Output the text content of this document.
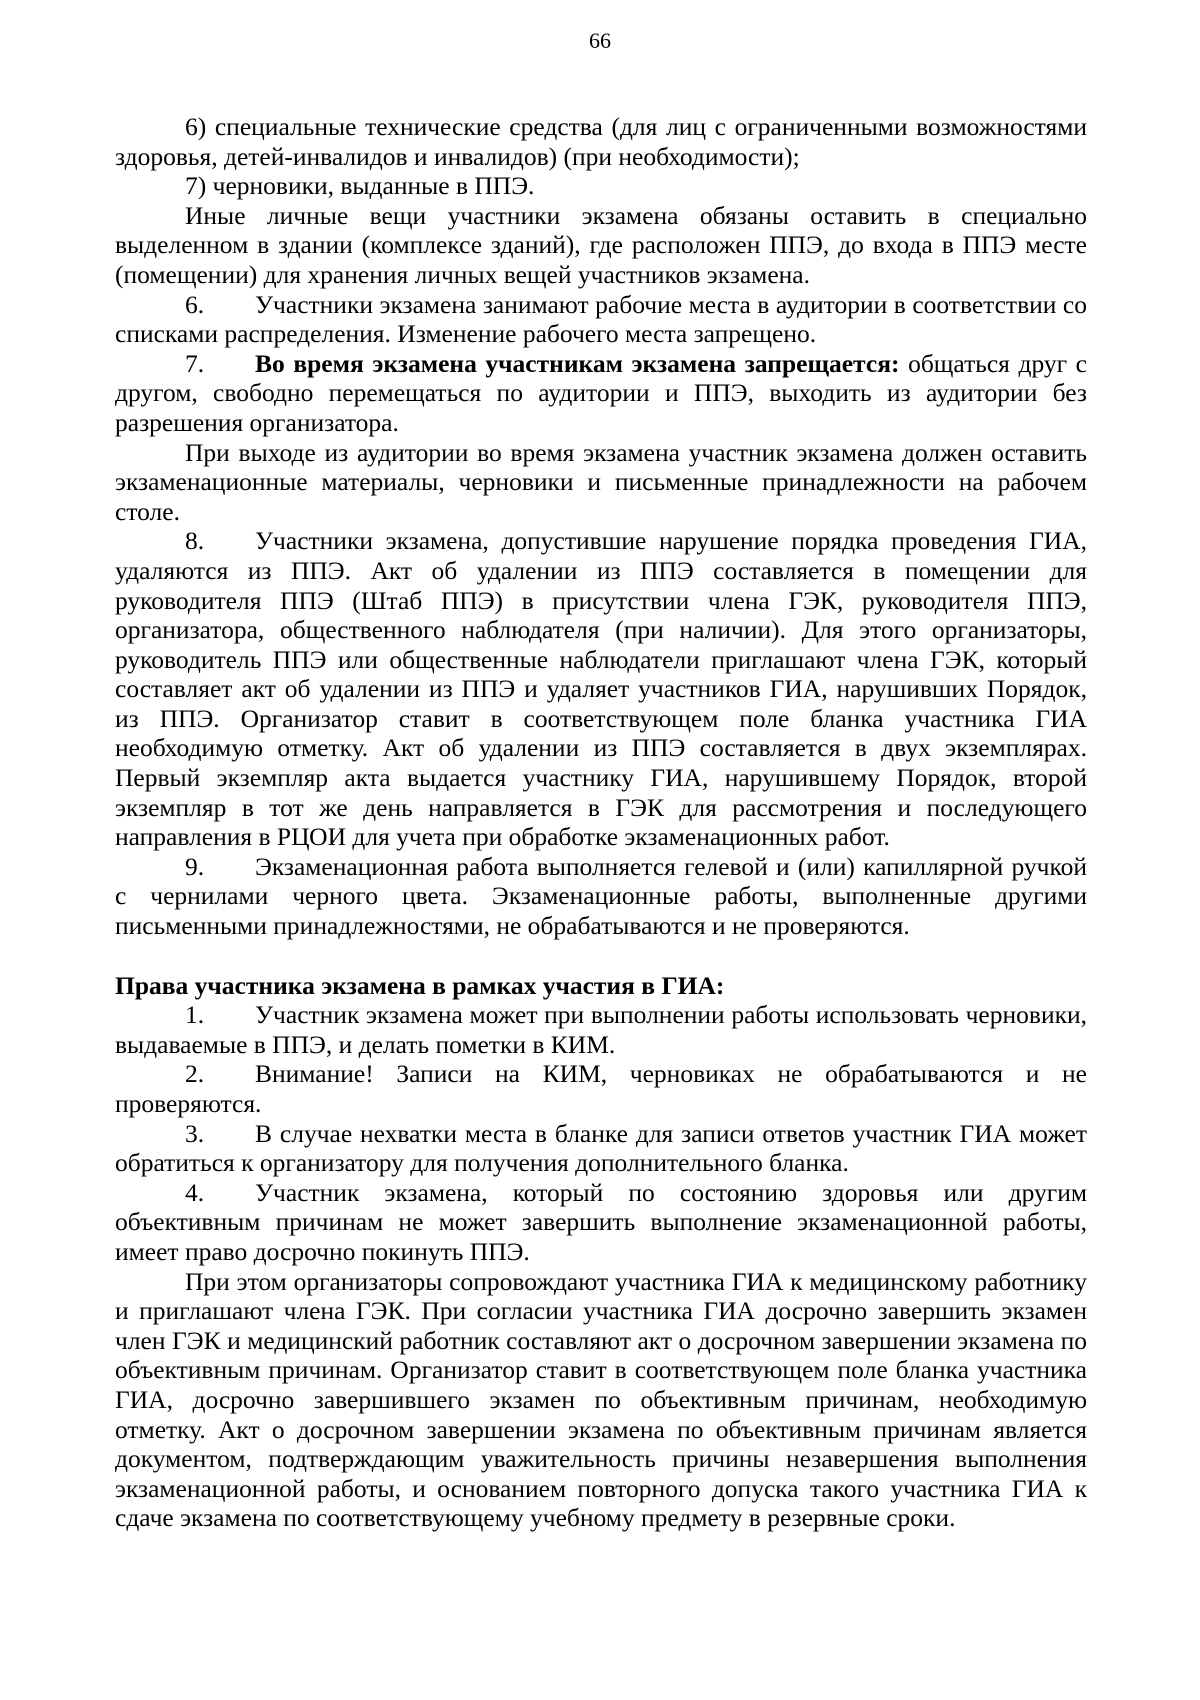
66

6) специальные технические средства (для лиц с ограниченными возможностями здоровья, детей-инвалидов и инвалидов) (при необходимости);

7) черновики, выданные в ППЭ.

Иные личные вещи участники экзамена обязаны оставить в специально выделенном в здании (комплексе зданий), где расположен ППЭ, до входа в ППЭ месте (помещении) для хранения личных вещей участников экзамена.

6. Участники экзамена занимают рабочие места в аудитории в соответствии со списками распределения. Изменение рабочего места запрещено.

7. Во время экзамена участникам экзамена запрещается: общаться друг с другом, свободно перемещаться по аудитории и ППЭ, выходить из аудитории без разрешения организатора.

При выходе из аудитории во время экзамена участник экзамена должен оставить экзаменационные материалы, черновики и письменные принадлежности на рабочем столе.

8. Участники экзамена, допустившие нарушение порядка проведения ГИА, удаляются из ППЭ. Акт об удалении из ППЭ составляется в помещении для руководителя ППЭ (Штаб ППЭ) в присутствии члена ГЭК, руководителя ППЭ, организатора, общественного наблюдателя (при наличии). Для этого организаторы, руководитель ППЭ или общественные наблюдатели приглашают члена ГЭК, который составляет акт об удалении из ППЭ и удаляет участников ГИА, нарушивших Порядок, из ППЭ. Организатор ставит в соответствующем поле бланка участника ГИА необходимую отметку. Акт об удалении из ППЭ составляется в двух экземплярах. Первый экземпляр акта выдается участнику ГИА, нарушившему Порядок, второй экземпляр в тот же день направляется в ГЭК для рассмотрения и последующего направления в РЦОИ для учета при обработке экзаменационных работ.

9. Экзаменационная работа выполняется гелевой и (или) капиллярной ручкой с чернилами черного цвета. Экзаменационные работы, выполненные другими письменными принадлежностями, не обрабатываются и не проверяются.

Права участника экзамена в рамках участия в ГИА:

1. Участник экзамена может при выполнении работы использовать черновики, выдаваемые в ППЭ, и делать пометки в КИМ.

2. Внимание! Записи на КИМ, черновиках не обрабатываются и не проверяются.

3. В случае нехватки места в бланке для записи ответов участник ГИА может обратиться к организатору для получения дополнительного бланка.

4. Участник экзамена, который по состоянию здоровья или другим объективным причинам не может завершить выполнение экзаменационной работы, имеет право досрочно покинуть ППЭ.

При этом организаторы сопровождают участника ГИА к медицинскому работнику и приглашают члена ГЭК. При согласии участника ГИА досрочно завершить экзамен член ГЭК и медицинский работник составляют акт о досрочном завершении экзамена по объективным причинам. Организатор ставит в соответствующем поле бланка участника ГИА, досрочно завершившего экзамен по объективным причинам, необходимую отметку. Акт о досрочном завершении экзамена по объективным причинам является документом, подтверждающим уважительность причины незавершения выполнения экзаменационной работы, и основанием повторного допуска такого участника ГИА к сдаче экзамена по соответствующему учебному предмету в резервные сроки.
